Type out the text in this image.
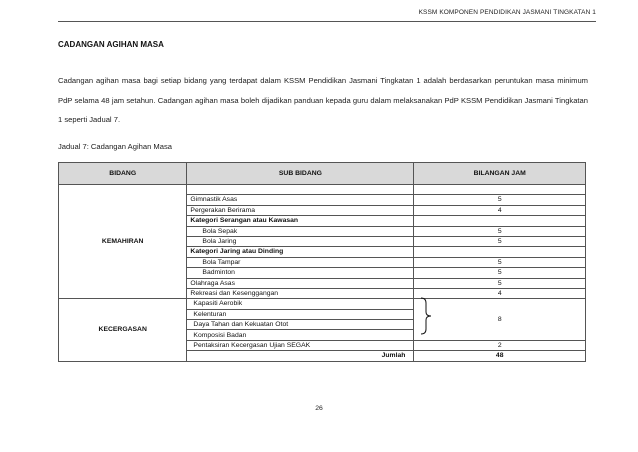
KSSM KOMPONEN PENDIDIKAN JASMANI TINGKATAN 1
CADANGAN AGIHAN MASA
Cadangan agihan masa bagi setiap bidang yang terdapat dalam KSSM Pendidikan Jasmani Tingkatan 1 adalah berdasarkan peruntukan masa minimum PdP selama 48 jam setahun. Cadangan agihan masa boleh dijadikan panduan kepada guru dalam melaksanakan PdP KSSM Pendidikan Jasmani Tingkatan 1 seperti Jadual 7.
Jadual 7: Cadangan Agihan Masa
BIDANG	SUB BIDANG	BILANGAN JAM
KEMAHIRAN		
	Gimnastik Asas	5
	Pergerakan Berirama	4
	Kategori Serangan atau Kawasan	
	Bola Sepak	5
	Bola Jaring	5
	Kategori Jaring atau Dinding	
	Bola Tampar	5
	Badminton	5
	Olahraga Asas	5
	Rekreasi dan Kesenggangan	4
KECERGASAN	Kapasiti Aerobik	8

	Kelenturan	
	Daya Tahan dan Kekuatan Otot	
	Komposisi Badan	
	Pentaksiran Kecergasan Ujian SEGAK	2
	Jumlah	48
26
